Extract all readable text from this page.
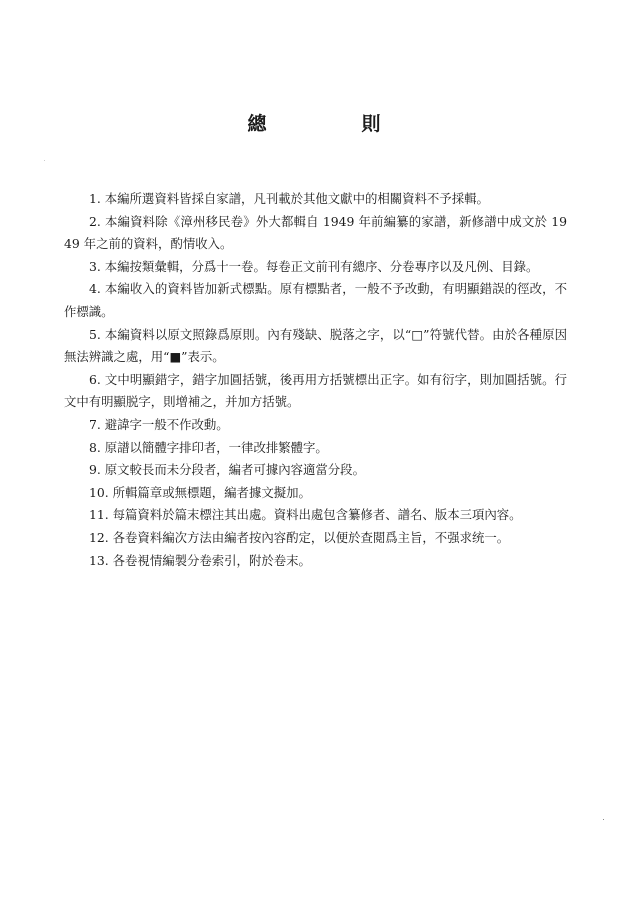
總　則

1. 本編所選資料皆採自家譜，凡刊載於其他文獻中的相關資料不予採輯。

2. 本編資料除《漳州移民卷》外大都輯自 1949 年前編纂的家譜，新修譜中成文於 1949 年之前的資料，酌情收入。

3. 本編按類彙輯，分爲十一卷。每卷正文前刊有總序、分卷專序以及凡例、目錄。

4. 本編收入的資料皆加新式標點。原有標點者，一般不予改動，有明顯錯誤的徑改，不作標識。

5. 本編資料以原文照錄爲原則。內有殘缺、脱落之字，以“□”符號代替。由於各種原因無法辨識之處，用“■”表示。

6. 文中明顯錯字，錯字加圓括號，後再用方括號標出正字。如有衍字，則加圓括號。行文中有明顯脱字，則增補之，并加方括號。

7. 避諱字一般不作改動。

8. 原譜以簡體字排印者，一律改排繁體字。

9. 原文較長而未分段者，編者可據內容適當分段。

10. 所輯篇章或無標題，編者據文擬加。

11. 每篇資料於篇末標注其出處。資料出處包含纂修者、譜名、版本三項內容。

12. 各卷資料編次方法由編者按內容酌定，以便於查閲爲主旨，不强求统一。

13. 各卷視情編製分卷索引，附於卷末。
